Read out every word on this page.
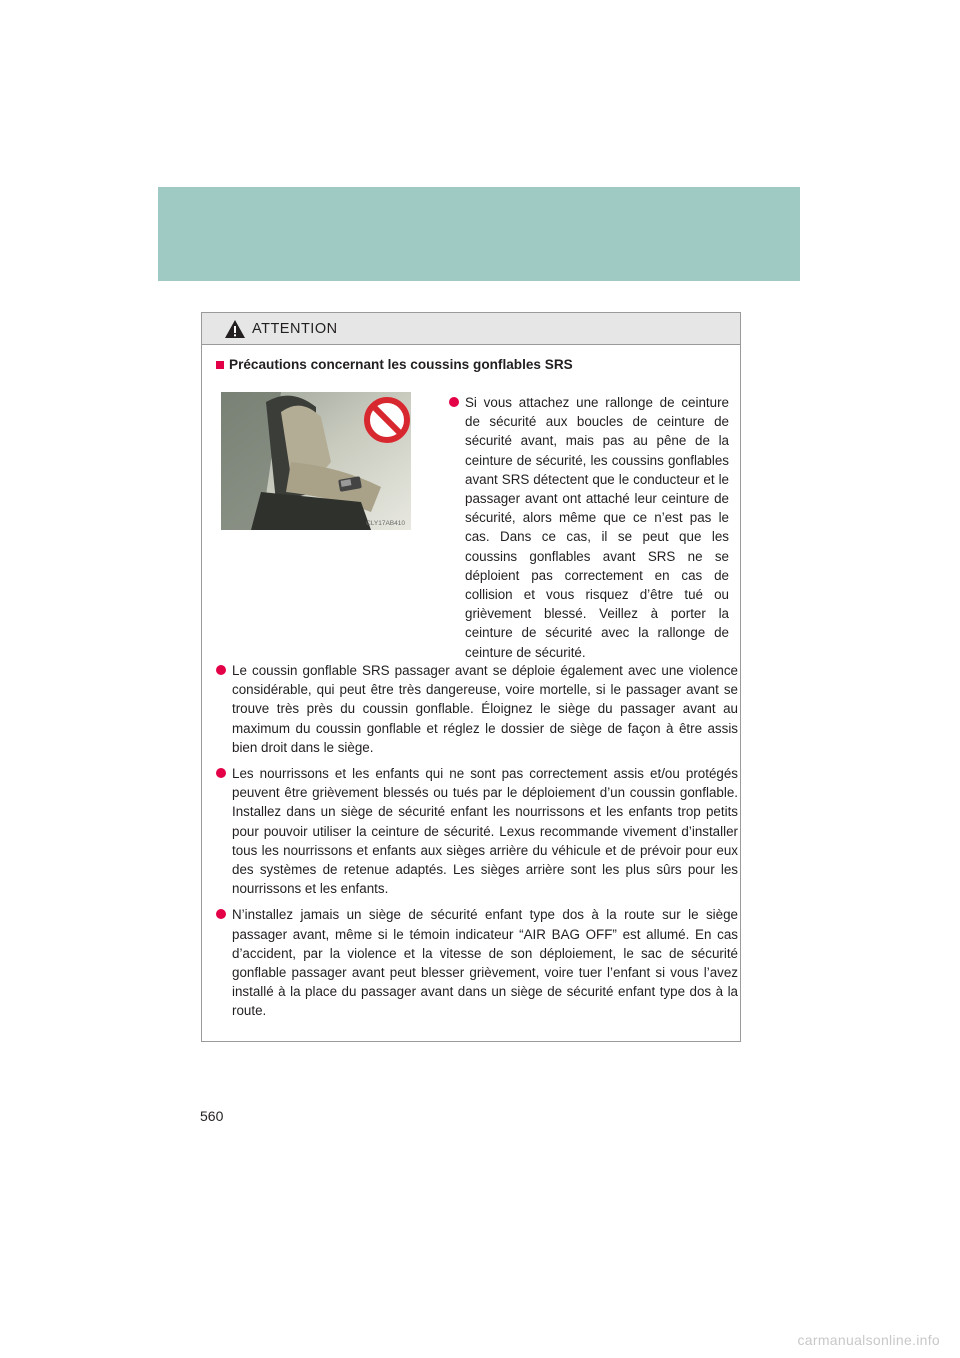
ATTENTION
Précautions concernant les coussins gonflables SRS
CLY17AB410
Si vous attachez une rallonge de ceinture de sécurité aux boucles de ceinture de sécurité avant, mais pas au pêne de la ceinture de sécurité, les coussins gonflables avant SRS détectent que le conducteur et le passager avant ont attaché leur ceinture de sécurité, alors même que ce n’est pas le cas. Dans ce cas, il se peut que les coussins gonflables avant SRS ne se déploient pas correctement en cas de collision et vous risquez d’être tué ou grièvement blessé. Veillez à porter la ceinture de sécurité avec la rallonge de ceinture de sécurité.
Le coussin gonflable SRS passager avant se déploie également avec une violence considérable, qui peut être très dangereuse, voire mortelle, si le passager avant se trouve très près du coussin gonflable. Éloignez le siège du passager avant au maximum du coussin gonflable et réglez le dossier de siège de façon à être assis bien droit dans le siège.
Les nourrissons et les enfants qui ne sont pas correctement assis et/ou protégés peuvent être grièvement blessés ou tués par le déploiement d’un coussin gonflable. Installez dans un siège de sécurité enfant les nourrissons et les enfants trop petits pour pouvoir utiliser la ceinture de sécurité. Lexus recommande vivement d’installer tous les nourrissons et enfants aux sièges arrière du véhicule et de prévoir pour eux des systèmes de retenue adaptés. Les sièges arrière sont les plus sûrs pour les nourrissons et les enfants.
N’installez jamais un siège de sécurité enfant type dos à la route sur le siège passager avant, même si le témoin indicateur “AIR BAG OFF” est allumé. En cas d’accident, par la violence et la vitesse de son déploiement, le sac de sécurité gonflable passager avant peut blesser grièvement, voire tuer l’enfant si vous l’avez installé à la place du passager avant dans un siège de sécurité enfant type dos à la route.
560
carmanualsonline.info
